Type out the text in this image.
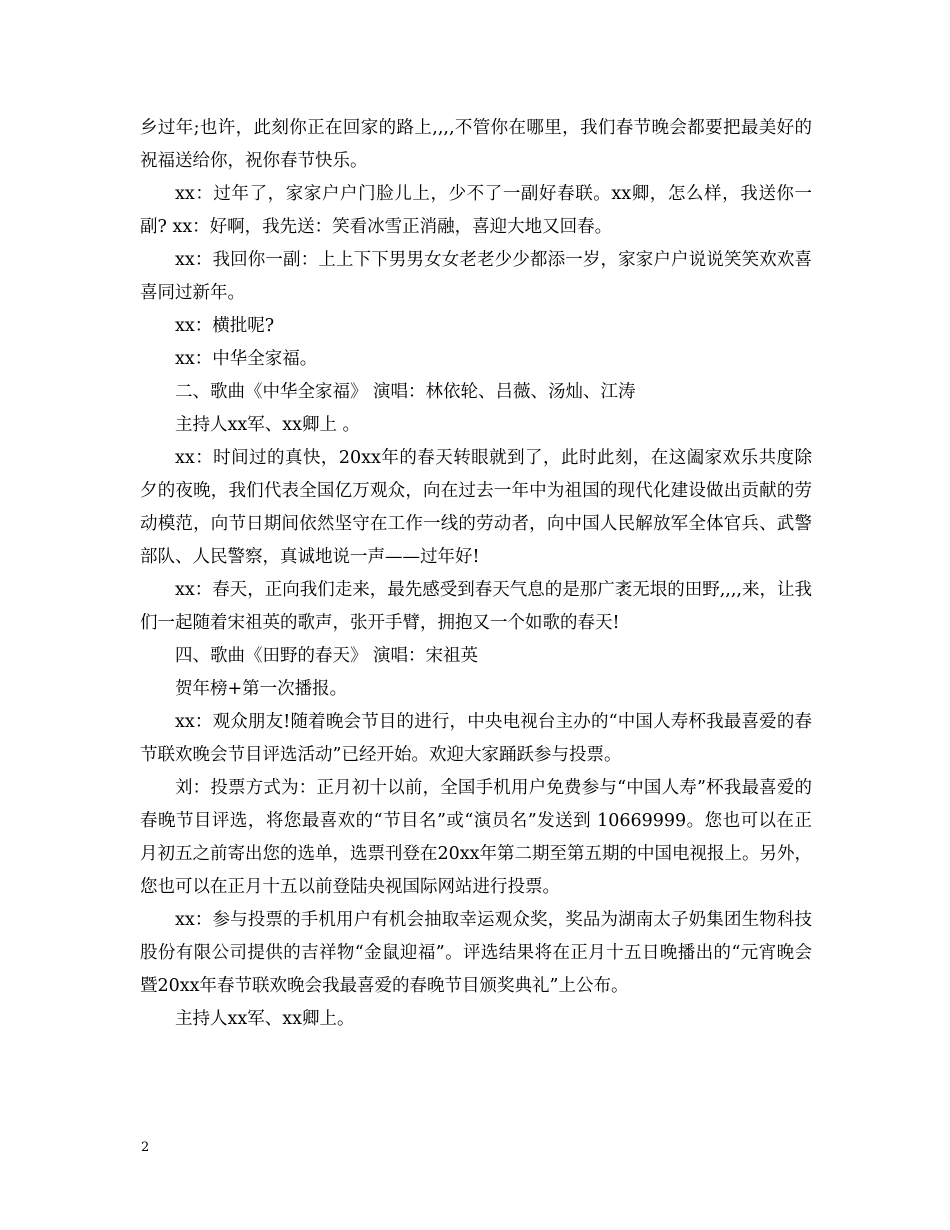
乡过年;也许，此刻你正在回家的路上,,,,不管你在哪里，我们春节晚会都要把最美好的祝福送给你，祝你春节快乐。

xx：过年了，家家户户门脸儿上，少不了一副好春联。xx卿，怎么样，我送你一副? xx：好啊，我先送：笑看冰雪正消融，喜迎大地又回春。

xx：我回你一副：上上下下男男女女老老少少都添一岁，家家户户说说笑笑欢欢喜喜同过新年。

xx：横批呢?

xx：中华全家福。

二、歌曲《中华全家福》 演唱：林依轮、吕薇、汤灿、江涛

主持人xx军、xx卿上 。

xx：时间过的真快，20xx年的春天转眼就到了，此时此刻，在这阖家欢乐共度除夕的夜晚，我们代表全国亿万观众，向在过去一年中为祖国的现代化建设做出贡献的劳动模范，向节日期间依然坚守在工作一线的劳动者，向中国人民解放军全体官兵、武警部队、人民警察，真诚地说一声——过年好!

xx：春天，正向我们走来，最先感受到春天气息的是那广袤无垠的田野,,,,来，让我们一起随着宋祖英的歌声，张开手臂，拥抱又一个如歌的春天!

四、歌曲《田野的春天》 演唱：宋祖英

贺年榜+第一次播报。

xx：观众朋友!随着晚会节目的进行，中央电视台主办的“中国人寿杯我最喜爱的春节联欢晚会节目评选活动”已经开始。欢迎大家踊跃参与投票。

刘：投票方式为：正月初十以前，全国手机用户免费参与“中国人寿”杯我最喜爱的春晚节目评选，将您最喜欢的“节目名”或“演员名”发送到 10669999。您也可以在正月初五之前寄出您的选单，选票刊登在20xx年第二期至第五期的中国电视报上。另外，您也可以在正月十五以前登陆央视国际网站进行投票。

xx：参与投票的手机用户有机会抽取幸运观众奖，奖品为湖南太子奶集团生物科技股份有限公司提供的吉祥物“金鼠迎福”。评选结果将在正月十五日晚播出的“元宵晚会暨20xx年春节联欢晚会我最喜爱的春晚节目颁奖典礼”上公布。

主持人xx军、xx卿上。

2
